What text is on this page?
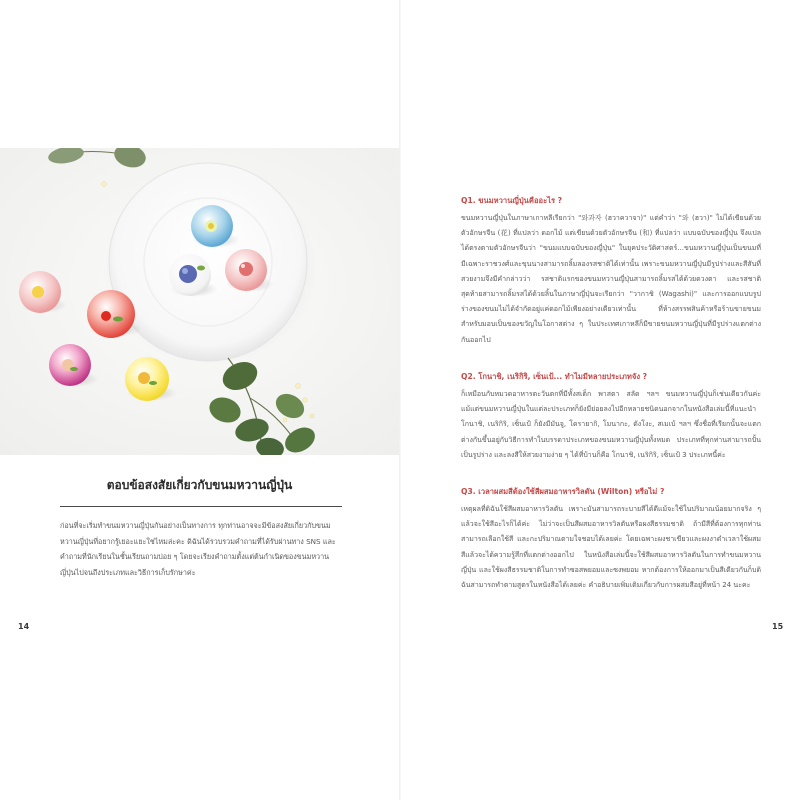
ตอบข้อสงสัยเกี่ยวกับขนมหวานญี่ปุ่น
ก่อนที่จะเริ่มทำขนมหวานญี่ปุ่นกันอย่างเป็นทางการ ทุกท่านอาจจะมีข้อสงสัยเกี่ยวกับขนมหวานญี่ปุ่นที่อยากรู้เยอะแยะใช่ไหมล่ะคะ ดิฉันได้รวบรวมคำถามที่ได้รับผ่านทาง SNS และคำถามที่นักเรียนในชั้นเรียนถามบ่อย ๆ โดยจะเรียงคำถามตั้งแต่ต้นกำเนิดของขนมหวานญี่ปุ่นไปจนถึงประเภทและวิธีการเก็บรักษาค่ะ
14
Q1. ขนมหวานญี่ปุ่นคืออะไร ?
ขนมหวานญี่ปุ่นในภาษาเกาหลีเรียกว่า "와과자 (ฮวาควาจา)" แต่คำว่า "와 (ฮวา)" ไม่ได้เขียนด้วยตัวอักษรจีน (花) ที่แปลว่า ดอกไม้ แต่เขียนด้วยตัวอักษรจีน (和) ที่แปลว่า แบบฉบับของญี่ปุ่น จึงแปลได้ตรงตามตัวอักษรจีนว่า "ขนมแบบฉบับของญี่ปุ่น" ในยุคประวัติศาสตร์...ขนมหวานญี่ปุ่นเป็นขนมที่มีเฉพาะราชวงศ์และขุนนางสามารถลิ้มลองรสชาติได้เท่านั้น เพราะขนมหวานญี่ปุ่นมีรูปร่างและสีสันที่สวยงามจึงมีคำกล่าวว่า รสชาติแรกของขนมหวานญี่ปุ่นสามารถลิ้มรสได้ด้วยดวงตา และรสชาติสุดท้ายสามารถลิ้มรสได้ด้วยลิ้นในภาษาญี่ปุ่นจะเรียกว่า "วากาชิ (Wagashi)" และการออกแบบรูปร่างของขนมไม่ได้จำกัดอยู่แค่ดอกไม้เพียงอย่างเดียวเท่านั้น ที่ห้างสรรพสินค้าหรือร้านขายขนมสำหรับมอบเป็นของขวัญในโอกาสต่าง ๆ ในประเทศเกาหลีก็มีขายขนมหวานญี่ปุ่นที่มีรูปร่างแตกต่างกันออกไป
Q2. โกนาชิ, เนริกิริ, เซ็นเป้... ทำไมมีหลายประเภทจัง ?
ก็เหมือนกับหมวดอาหารตะวันตกที่มีทั้งสเต็ก พาสตา สลัด ฯลฯ ขนมหวานญี่ปุ่นก็เช่นเดียวกันค่ะ แม้แต่ขนมหวานญี่ปุ่นในแต่ละประเภทก็ยังมีย่อยลงไปอีกหลายชนิดนอกจากในหนังสือเล่มนี้ที่แนะนำ โกนาชิ, เนริกิริ, เซ็นเป้ ก็ยังมีมันจู, โดรายากิ, โมนากะ, ดังโงะ, สเมเบ้ ฯลฯ ซึ่งชื่อที่เรียกนั้นจะแตกต่างกันขึ้นอยู่กับวิธีการทำในบรรดาประเภทของขนมหวานญี่ปุ่นทั้งหมด ประเภทที่ทุกท่านสามารถปั้นเป็นรูปร่าง และลงสีให้สวยงามง่าย ๆ ได้ที่บ้านก็คือ โกนาชิ, เนริกิริ, เซ็นเป้ 3 ประเภทนี้ค่ะ
Q3. เวลาผสมสีต้องใช้สีผสมอาหารวิลตัน (Wilton) หรือไม่ ?
เหตุผลที่ดิฉันใช้สีผสมอาหารวิลตัน เพราะมันสามารถระบายสีได้ดีแม้จะใช้ในปริมาณน้อยมากจริง ๆ แล้วจะใช้สีอะไรก็ได้ค่ะ ไม่ว่าจะเป็นสีผสมอาหารวิลตันหรือผงสีธรรมชาติ ถ้ามีสีที่ต้องการทุกท่านสามารถเลือกใช้สี และกะปริมาณตามใจชอบได้เลยค่ะ โดยเฉพาะผงชาเขียวและผงงาดำเวลาใช้ผสมสีแล้วจะได้ความรู้สึกที่แตกต่างออกไป ในหนังสือเล่มนี้จะใช้สีผสมอาหารวิลตันในการทำขนมหวานญี่ปุ่น และใช้ผงสีธรรมชาติในการทำซอสพยอมและซงพยอม หากต้องการให้ออกมาเป็นสีเดียวกันก็บดิฉันสามารถทำตามสูตรในหนังสือได้เลยค่ะ คำอธิบายเพิ่มเติมเกี่ยวกับการผสมสีอยู่ที่หน้า 24 นะคะ
15
